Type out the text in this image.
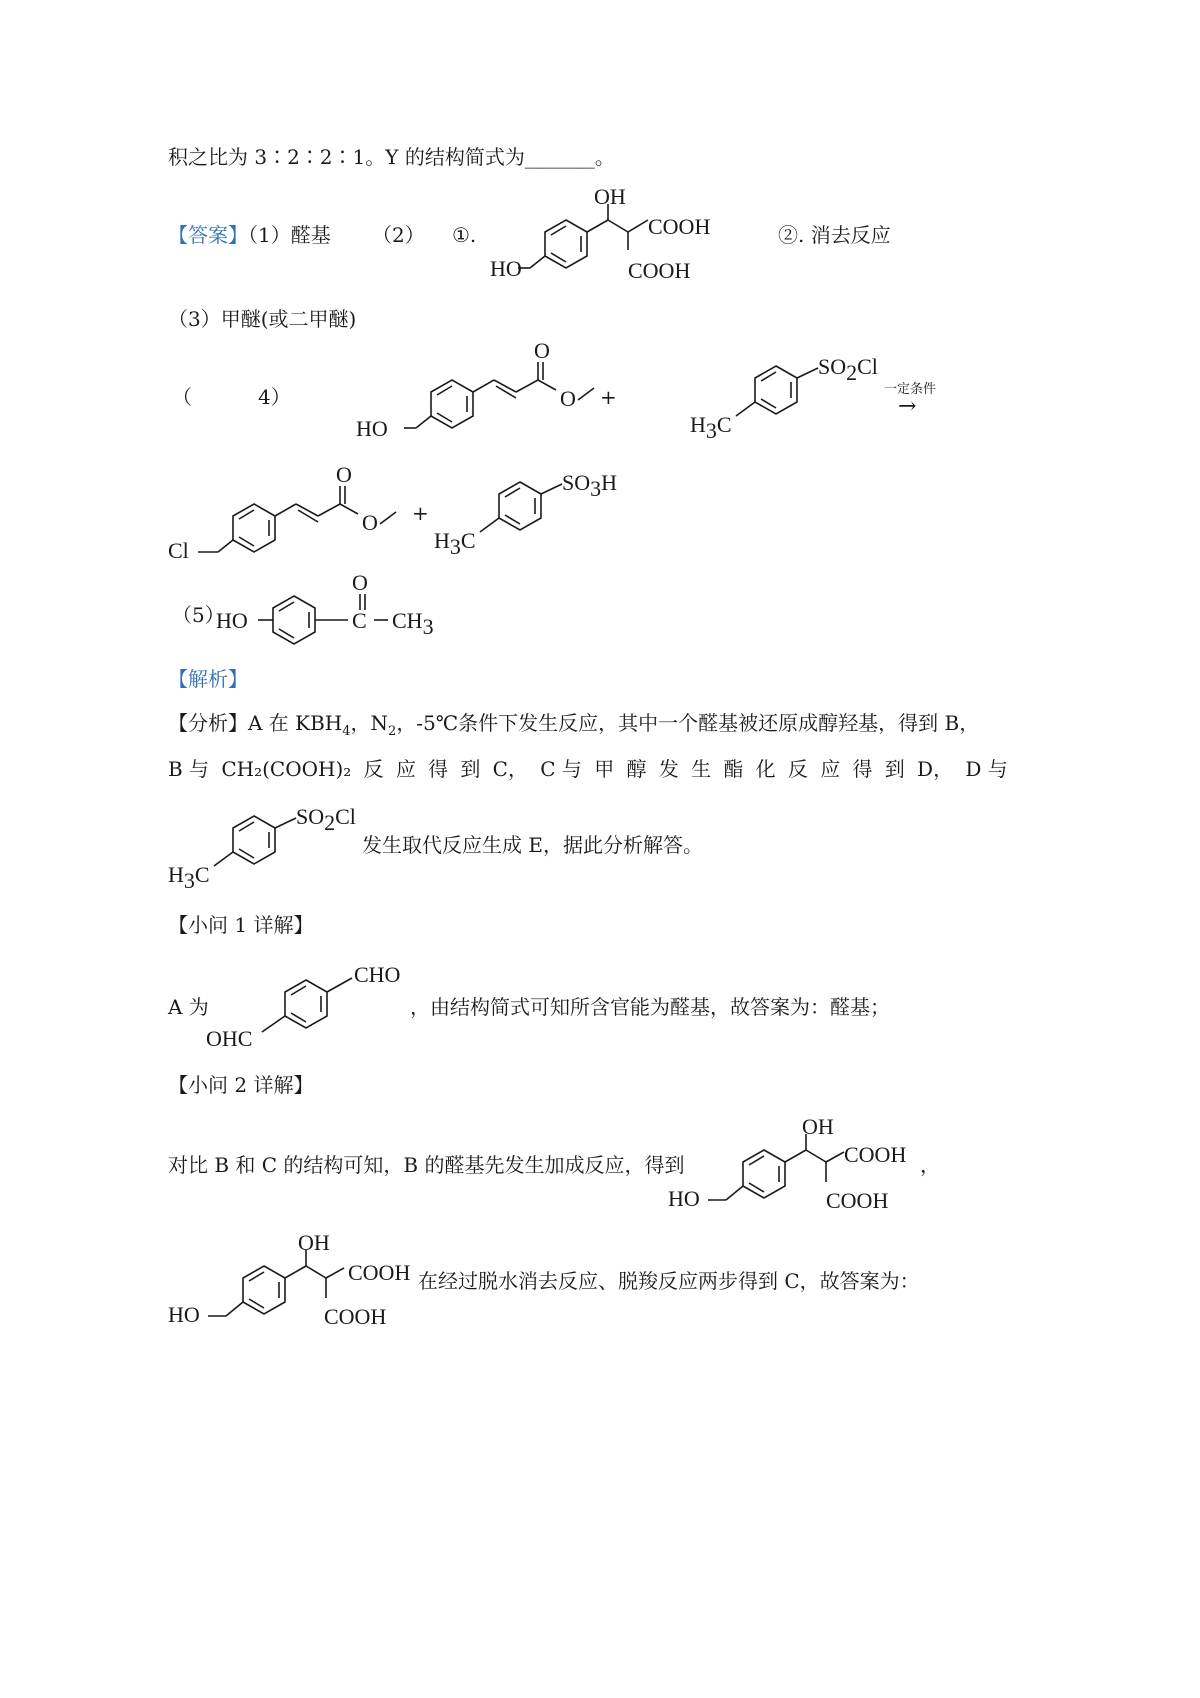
积之比为 3∶2∶2∶1。Y 的结构简式为_______。
【答案】（1）醛基 （2） ①.	②. 消去反应
OH
COOH
COOH
HO
（3）甲醚(或二甲醚)
（	4）
O
O
HO
+
SO2Cl
H3C
一定条件
→
O
O
Cl
+
SO3H
H3C
（5）
HO
O
C CH3
【解析】
【分析】A 在 $KBH_4$，$N_2$，-5℃条件下发生反应，其中一个醛基被还原成醇羟基，得到 B，
B 与 CH₂(COOH)₂ 反 应 得 到 C， C 与 甲 醇 发 生 酯 化 反 应 得 到 D， D 与
SO2Cl
H3C
发生取代反应生成 E，据此分析解答。
【小问 1 详解】
A 为
CHO
OHC
，由结构简式可知所含官能为醛基，故答案为：醛基；
【小问 2 详解】
对比 B 和 C 的结构可知，B 的醛基先发生加成反应，得到
OH
COOH
COOH
HO
，
OH
COOH
COOH
HO
在经过脱水消去反应、脱羧反应两步得到 C，故答案为：
